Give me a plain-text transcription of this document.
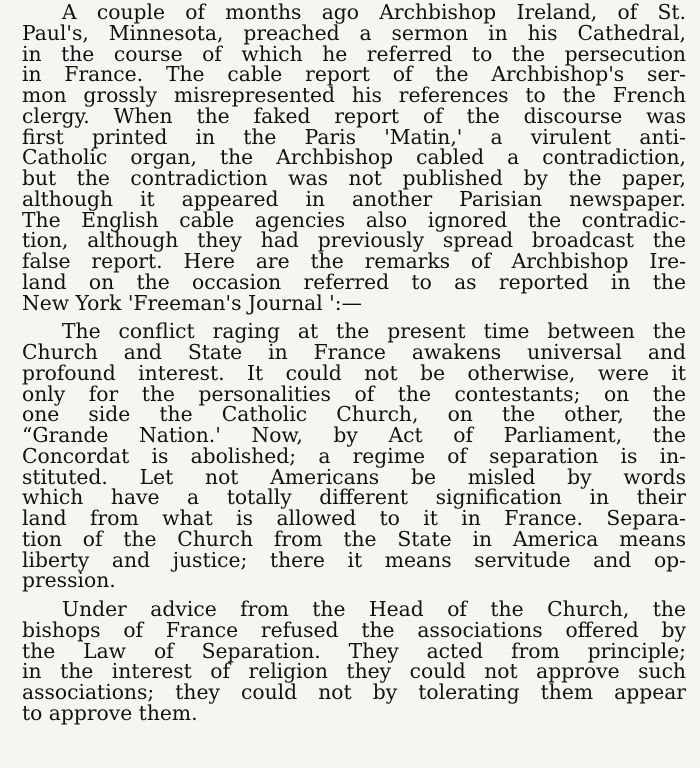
A couple of months ago Archbishop Ireland, of St.
Paul's, Minnesota, preached a sermon in his Cathedral,
in the course of which he referred to the persecution
in France. The cable report of the Archbishop's ser-
mon grossly misrepresented his references to the French
clergy. When the faked report of the discourse was
first printed in the Paris 'Matin,' a virulent anti-
Catholic organ, the Archbishop cabled a contradiction,
but the contradiction was not published by the paper,
although it appeared in another Parisian newspaper.
The English cable agencies also ignored the contradic-
tion, although they had previously spread broadcast the
false report. Here are the remarks of Archbishop Ire-
land on the occasion referred to as reported in the
New York 'Freeman's Journal ':—

The conflict raging at the present time between the
Church and State in France awakens universal and
profound interest. It could not be otherwise, were it
only for the personalities of the contestants; on the
one side the Catholic Church, on the other, the
“Grande Nation.' Now, by Act of Parliament, the
Concordat is abolished; a regime of separation is in-
stituted. Let not Americans be misled by words
which have a totally different signification in their
land from what is allowed to it in France. Separa-
tion of the Church from the State in America means
liberty and justice; there it means servitude and op-
pression.

Under advice from the Head of the Church, the
bishops of France refused the associations offered by
the Law of Separation. They acted from principle;
in the interest of religion they could not approve such
associations; they could not by tolerating them appear
to approve them.
